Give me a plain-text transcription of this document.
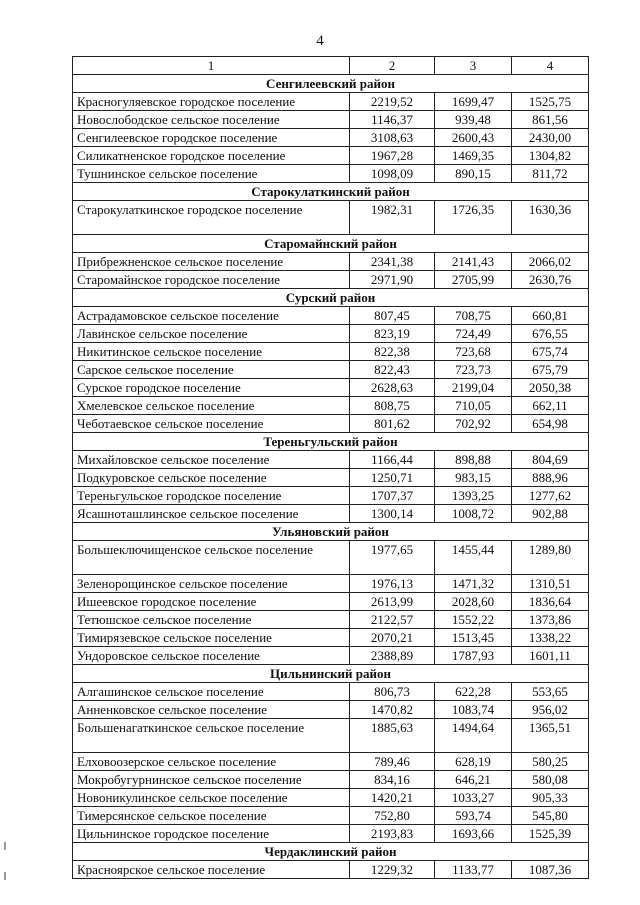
4
1	2	3	4
Сенгилеевский район			
Красногуляевское городское поселение	2219,52	1699,47	1525,75
Новослободское сельское поселение	1146,37	939,48	861,56
Сенгилеевское городское поселение	3108,63	2600,43	2430,00
Силикатненское городское поселение	1967,28	1469,35	1304,82
Тушнинское сельское поселение	1098,09	890,15	811,72
Старокулаткинский район			
Старокулаткинское городское поселение	1982,31	1726,35	1630,36
Старомайнский район			
Прибрежненское сельское поселение	2341,38	2141,43	2066,02
Старомайнское городское поселение	2971,90	2705,99	2630,76
Сурский район			
Астрадамовское сельское поселение	807,45	708,75	660,81
Лавинское сельское поселение	823,19	724,49	676,55
Никитинское сельское поселение	822,38	723,68	675,74
Сарское сельское поселение	822,43	723,73	675,79
Сурское городское поселение	2628,63	2199,04	2050,38
Хмелевское сельское поселение	808,75	710,05	662,11
Чеботаевское сельское поселение	801,62	702,92	654,98
Тереньгульский район			
Михайловское сельское поселение	1166,44	898,88	804,69
Подкуровское сельское поселение	1250,71	983,15	888,96
Тереньгульское городское поселение	1707,37	1393,25	1277,62
Ясашноташлинское сельское поселение	1300,14	1008,72	902,88
Ульяновский район			
Большеключищенское сельское поселение	1977,65	1455,44	1289,80
Зеленорощинское сельское поселение	1976,13	1471,32	1310,51
Ишеевское городское поселение	2613,99	2028,60	1836,64
Тетюшское сельское поселение	2122,57	1552,22	1373,86
Тимирязевское сельское поселение	2070,21	1513,45	1338,22
Ундоровское сельское поселение	2388,89	1787,93	1601,11
Цильнинский район			
Алгашинское сельское поселение	806,73	622,28	553,65
Анненковское сельское поселение	1470,82	1083,74	956,02
Большенагаткинское сельское поселение	1885,63	1494,64	1365,51
Елховоозерское сельское поселение	789,46	628,19	580,25
Мокробугурнинское сельское поселение	834,16	646,21	580,08
Новоникулинское сельское поселение	1420,21	1033,27	905,33
Тимерсянское сельское поселение	752,80	593,74	545,80
Цильнинское городское поселение	2193,83	1693,66	1525,39
Чердаклинский район			
Красноярское сельское поселение	1229,32	1133,77	1087,36
